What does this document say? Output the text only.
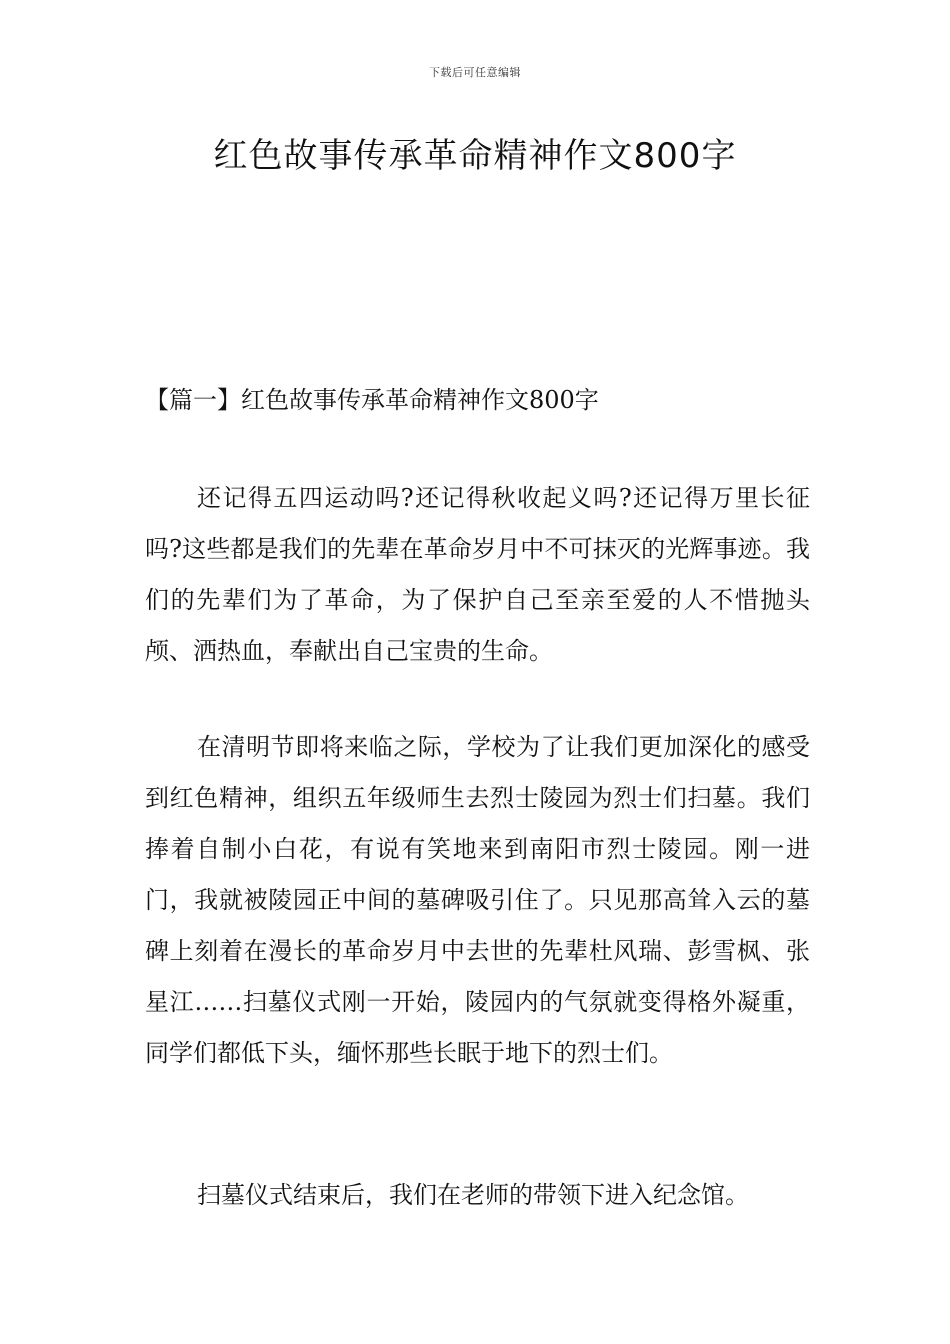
下载后可任意编辑
红色故事传承革命精神作文800字
【篇一】红色故事传承革命精神作文800字

还记得五四运动吗?还记得秋收起义吗?还记得万里长征吗?这些都是我们的先辈在革命岁月中不可抹灭的光辉事迹。我们的先辈们为了革命，为了保护自己至亲至爱的人不惜抛头颅、洒热血，奉献出自己宝贵的生命。

在清明节即将来临之际，学校为了让我们更加深化的感受到红色精神，组织五年级师生去烈士陵园为烈士们扫墓。我们捧着自制小白花，有说有笑地来到南阳市烈士陵园。刚一进门，我就被陵园正中间的墓碑吸引住了。只见那高耸入云的墓碑上刻着在漫长的革命岁月中去世的先辈杜风瑞、彭雪枫、张星江……扫墓仪式刚一开始，陵园内的气氛就变得格外凝重，同学们都低下头，缅怀那些长眠于地下的烈士们。

扫墓仪式结束后，我们在老师的带领下进入纪念馆。
